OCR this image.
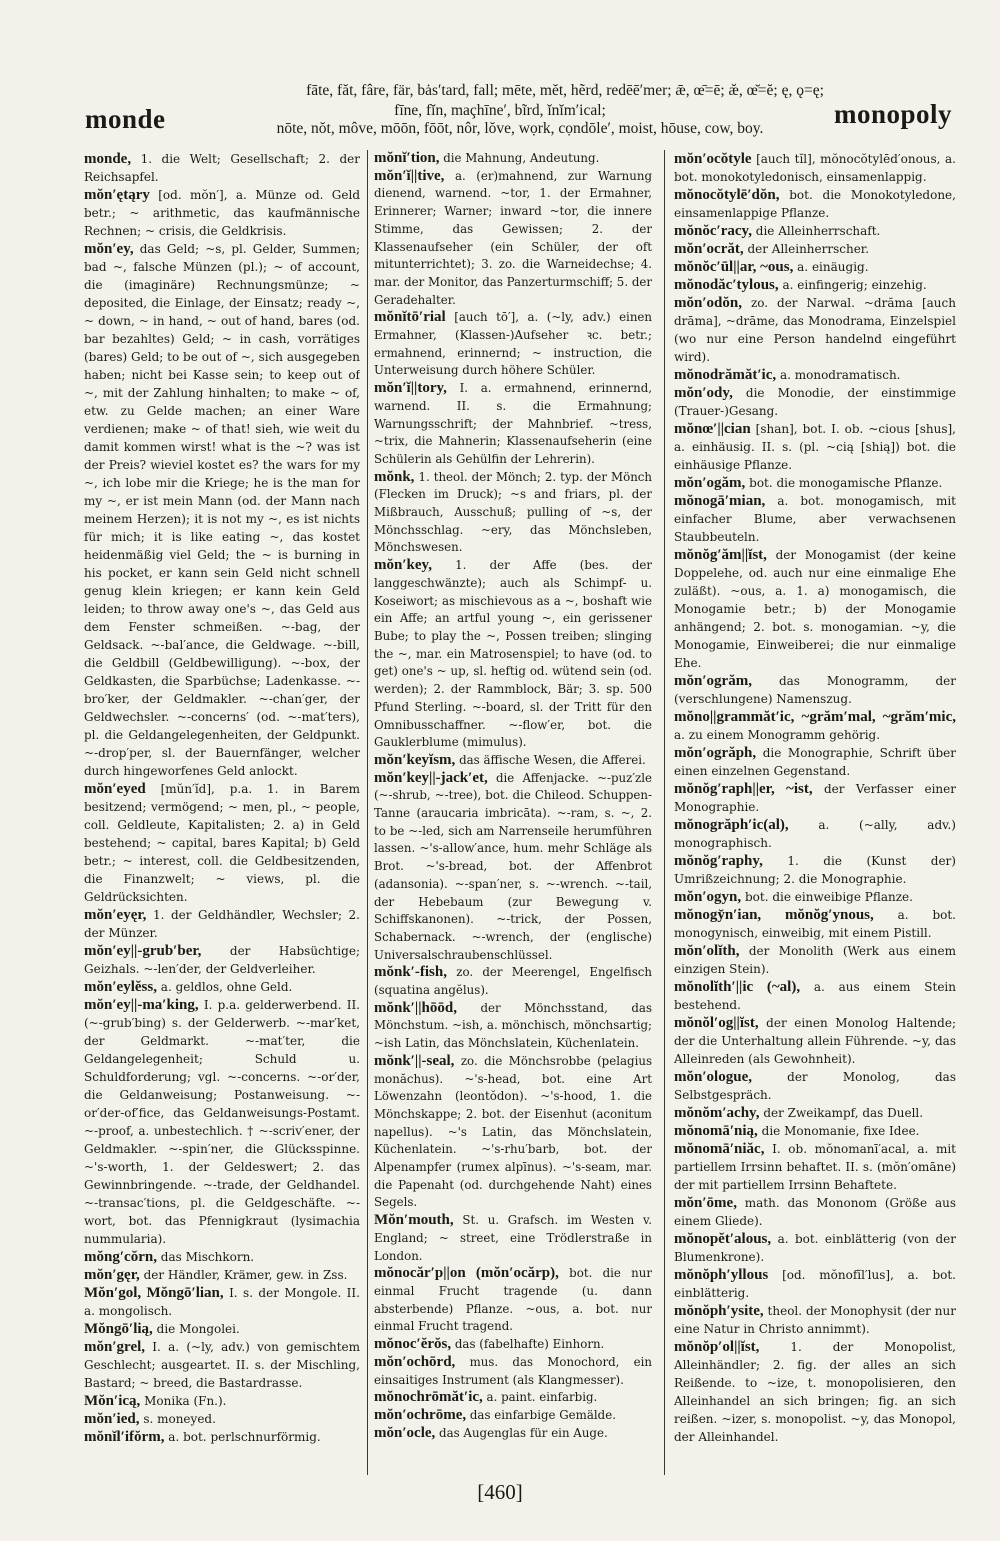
monde
fāte, făt, fâre, fär, bȧs′tard, fall; mēte, mĕt, hẽrd, redēē′mer; ǣ, œ̄=ē; æ̆, œ̆=ĕ; ę, ǫ=ę;
fīne, fĭn, maçhīne′, bĩrd, ĭnĭm′ical;
nōte, nŏt, môve, mōōn, fōōt, nôr, lŏve, wọrk, cọndōle′, moist, hōuse, cow, boy.	monopoly

monde, 1. die Welt; Gesellschaft; 2. der Reichsapfel.

mŏn′ętąry [od. mŏn′], a. Münze od. Geld betr.; ~ arithmetic, das kaufmännische Rechnen; ~ crisis, die Geldkrisis.

mŏn′ey, das Geld; ~s, pl. Gelder, Summen; bad ~, falsche Münzen (pl.); ~ of account, die (imaginäre) Rechnungsmünze; ~ deposited, die Einlage, der Einsatz; ready ~, ~ down, ~ in hand, ~ out of hand, bares (od. bar bezahltes) Geld; ~ in cash, vorrätiges (bares) Geld; to be out of ~, sich ausgegeben haben; nicht bei Kasse sein; to keep out of ~, mit der Zahlung hinhalten; to make ~ of, etw. zu Gelde machen; an einer Ware verdienen; make ~ of that! sieh, wie weit du damit kommen wirst! what is the ~? was ist der Preis? wieviel kostet es? the wars for my ~, ich lobe mir die Kriege; he is the man for my ~, er ist mein Mann (od. der Mann nach meinem Herzen); it is not my ~, es ist nichts für mich; it is like eating ~, das kostet heidenmäßig viel Geld; the ~ is burning in his pocket, er kann sein Geld nicht schnell genug klein kriegen; er kann kein Geld leiden; to throw away one's ~, das Geld aus dem Fenster schmeißen. ~-bag, der Geldsack. ~-bal′ance, die Geldwage. ~-bill, die Geldbill (Geldbewilligung). ~-box, der Geldkasten, die Sparbüchse; Ladenkasse. ~-bro′ker, der Geldmakler. ~-chan′ger, der Geldwechsler. ~-concerns′ (od. ~-mat′ters), pl. die Geldangelegenheiten, der Geldpunkt. ~-drop′per, sl. der Bauernfänger, welcher durch hingeworfenes Geld anlockt.

mŏn′eyed [mŭn′ĭd], p.a. 1. in Barem besitzend; vermögend; ~ men, pl., ~ people, coll. Geldleute, Kapitalisten; 2. a) in Geld bestehend; ~ capital, bares Kapital; b) Geld betr.; ~ interest, coll. die Geldbesitzenden, die Finanzwelt; ~ views, pl. die Geldrücksichten.

mŏn′eyęr, 1. der Geldhändler, Wechsler; 2. der Münzer.

mŏn′ey||-grub′ber, der Habsüchtige; Geizhals. ~-len′der, der Geldverleiher.

mŏn′eylĕss, a. geldlos, ohne Geld.

mŏn′ey||-ma′king, I. p.a. gelderwerbend. II. (~-grub′bing) s. der Gelderwerb. ~-mar′ket, der Geldmarkt. ~-mat′ter, die Geldangelegenheit; Schuld u. Schuldforderung; vgl. ~-concerns. ~-or′der, die Geldanweisung; Postanweisung. ~-or′der-of′fice, das Geldanweisungs-Postamt. ~-proof, a. unbestechlich. † ~-scriv′ener, der Geldmakler. ~-spin′ner, die Glücksspinne. ~'s-worth, 1. der Geldeswert; 2. das Gewinnbringende. ~-trade, der Geldhandel. ~-transac′tions, pl. die Geldgeschäfte. ~-wort, bot. das Pfennigkraut (lysimachia nummularia).

mŏng′cŏrn, das Mischkorn.

mŏn′gęr, der Händler, Krämer, gew. in Zss.

Mŏn′gol, Mŏngō′lian, I. s. der Mongole. II. a. mongolisch.

Mŏngō′lią, die Mongolei.

mŏn′grel, I. a. (~ly, adv.) von gemischtem Geschlecht; ausgeartet. II. s. der Mischling, Bastard; ~ breed, die Bastardrasse.

Mŏn′icą, Monika (Fn.).

mŏn′ied, s. moneyed.

mŏnĭl′ifŏrm, a. bot. perlschnurförmig.

mŏnĭ′tion, die Mahnung, Andeutung.

mŏn′ĭ||tive, a. (er)mahnend, zur Warnung dienend, warnend. ~tor, 1. der Ermahner, Erinnerer; Warner; inward ~tor, die innere Stimme, das Gewissen; 2. der Klassenaufseher (ein Schüler, der oft mitunterrichtet); 3. zo. die Warneidechse; 4. mar. der Monitor, das Panzerturmschiff; 5. der Geradehalter.

mŏnĭtō′rial [auch tō′], a. (~ly, adv.) einen Ermahner, (Klassen-)Aufseher ꝛc. betr.; ermahnend, erinnernd; ~ instruction, die Unterweisung durch höhere Schüler.

mŏn′ĭ||tory, I. a. ermahnend, erinnernd, warnend. II. s. die Ermahnung; Warnungsschrift; der Mahnbrief. ~tress, ~trix, die Mahnerin; Klassenaufseherin (eine Schülerin als Gehülfin der Lehrerin).

mŏnk, 1. theol. der Mönch; 2. typ. der Mönch (Flecken im Druck); ~s and friars, pl. der Mißbrauch, Ausschuß; pulling of ~s, der Mönchsschlag. ~ery, das Mönchsleben, Mönchswesen.

mŏn′key, 1. der Affe (bes. der langgeschwänzte); auch als Schimpf- u. Koseiwort; as mischievous as a ~, boshaft wie ein Affe; an artful young ~, ein gerissener Bube; to play the ~, Possen treiben; slinging the ~, mar. ein Matrosenspiel; to have (od. to get) one's ~ up, sl. heftig od. wütend sein (od. werden); 2. der Rammblock, Bär; 3. sp. 500 Pfund Sterling. ~-board, sl. der Tritt für den Omnibusschaffner. ~-flow′er, bot. die Gauklerblume (mimulus).

mŏn′keyĭsm, das äffische Wesen, die Afferei.

mŏn′key||-jack′et, die Affenjacke. ~-puz′zle (~-shrub, ~-tree), bot. die Chileod. Schuppen-Tanne (araucaria imbricāta). ~-ram, s. ~, 2. to be ~-led, sich am Narrenseile herumführen lassen. ~'s-allow′ance, hum. mehr Schläge als Brot. ~'s-bread, bot. der Affenbrot (adansonia). ~-span′ner, s. ~-wrench. ~-tail, der Hebebaum (zur Bewegung v. Schiffskanonen). ~-trick, der Possen, Schabernack. ~-wrench, der (englische) Universalschraubenschlüssel.

mŏnk′-fish, zo. der Meerengel, Engelfisch (squatina angĕlus).

mŏnk′||hōōd, der Mönchsstand, das Mönchstum. ~ish, a. mönchisch, mönchsartig; ~ish Latin, das Mönchslatein, Küchenlatein.

mŏnk′||-seal, zo. die Mönchsrobbe (pelagius monăchus). ~'s-head, bot. eine Art Löwenzahn (leontŏdon). ~'s-hood, 1. die Mönchskappe; 2. bot. der Eisenhut (aconitum napellus). ~'s Latin, das Mönchslatein, Küchenlatein. ~'s-rhu′barb, bot. der Alpenampfer (rumex alpīnus). ~'s-seam, mar. die Papenaht (od. durchgehende Naht) eines Segels.

Mŏn′mouth, St. u. Grafsch. im Westen v. England; ~ street, eine Trödlerstraße in London.

mŏnocăr′p||on (mŏn′ocărp), bot. die nur einmal Frucht tragende (u. dann absterbende) Pflanze. ~ous, a. bot. nur einmal Frucht tragend.

mŏnoc′ĕrŏs, das (fabelhafte) Einhorn.

mŏn′ochōrd, mus. das Monochord, ein einsaitiges Instrument (als Klangmesser).

mŏnochrōmăt′ic, a. paint. einfarbig.

mŏn′ochrōme, das einfarbige Gemälde.

mŏn′ocle, das Augenglas für ein Auge.

mŏn′ocŏtyle [auch tĭl], mŏnocŏtylēd′onous, a. bot. monokotyledonisch, einsamenlappig.

mŏnocŏtylē′dŏn, bot. die Monokotyledone, einsamenlappige Pflanze.

mŏnŏc′racy, die Alleinherrschaft.

mŏn′ocrăt, der Alleinherrscher.

mŏnŏc′ūl||ar, ~ous, a. einäugig.

mŏnodăc′tylous, a. einfingerig; einzehig.

mŏn′odŏn, zo. der Narwal. ~drăma [auch drāma], ~drāme, das Monodrama, Einzelspiel (wo nur eine Person handelnd eingeführt wird).

mŏnodrămăt′ic, a. monodramatisch.

mŏn′ody, die Monodie, der einstimmige (Trauer-)Gesang.

mŏnœ′||cian [shan], bot. I. ob. ~cious [shus], a. einhäusig. II. s. (pl. ~cią [shią]) bot. die einhäusige Pflanze.

mŏn′ogăm, bot. die monogamische Pflanze.

mŏnogā′mian, a. bot. monogamisch, mit einfacher Blume, aber verwachsenen Staubbeuteln.

mŏnŏg′ăm||ĭst, der Monogamist (der keine Doppelehe, od. auch nur eine einmalige Ehe zuläßt). ~ous, a. 1. a) monogamisch, die Monogamie betr.; b) der Monogamie anhängend; 2. bot. s. monogamian. ~y, die Monogamie, Einweiberei; die nur einmalige Ehe.

mŏn′ogrăm, das Monogramm, der (verschlungene) Namenszug.

mŏno||grammăt′ic, ~grăm′mal, ~grăm′mic, a. zu einem Monogramm gehörig.

mŏn′ogrăph, die Monographie, Schrift über einen einzelnen Gegenstand.

mŏnŏg′raph||er, ~ist, der Verfasser einer Monographie.

mŏnogrăph′ic(al), a. (~ally, adv.) monographisch.

mŏnŏg′raphy, 1. die (Kunst der) Umrißzeichnung; 2. die Monographie.

mŏn′ogyn, bot. die einweibige Pflanze.

mŏnogy̆n′ian, mŏnŏg′ynous, a. bot. monogynisch, einweibig, mit einem Pistill.

mŏn′olĭth, der Monolith (Werk aus einem einzigen Stein).

mŏnolĭth′||ic (~al), a. aus einem Stein bestehend.

mŏnŏl′og||ĭst, der einen Monolog Haltende; der die Unterhaltung allein Führende. ~y, das Alleinreden (als Gewohnheit).

mŏn′ologue,	der Monolog, das Selbstgespräch.

mŏnŏm′achy, der Zweikampf, das Duell.

mŏnomā′nią, die Monomanie, fixe Idee.

mŏnomā′niăc, I. ob. mŏnomanī′acal, a. mit partiellem Irrsinn behaftet. II. s. (mŏn′omāne) der mit partiellem Irrsinn Behaftete.

mŏn′ōme, math. das Mononom (Größe aus einem Gliede).

mŏnopĕt′alous, a. bot. einblätterig (von der Blumenkrone).

mŏnŏph′yllous [od. mŏnofĭl′lus], a. bot. einblätterig.

mŏnŏph′ysite, theol. der Monophysit (der nur eine Natur in Christo annimmt).

mŏnŏp′ol||ĭst,	1. der Monopolist, Alleinhändler; 2. fig. der alles an sich Reißende. to ~ize, t. monopolisieren, den Alleinhandel an sich bringen; fig. an sich reißen. ~izer, s. monopolist. ~y, das Monopol, der Alleinhandel.

[460]
